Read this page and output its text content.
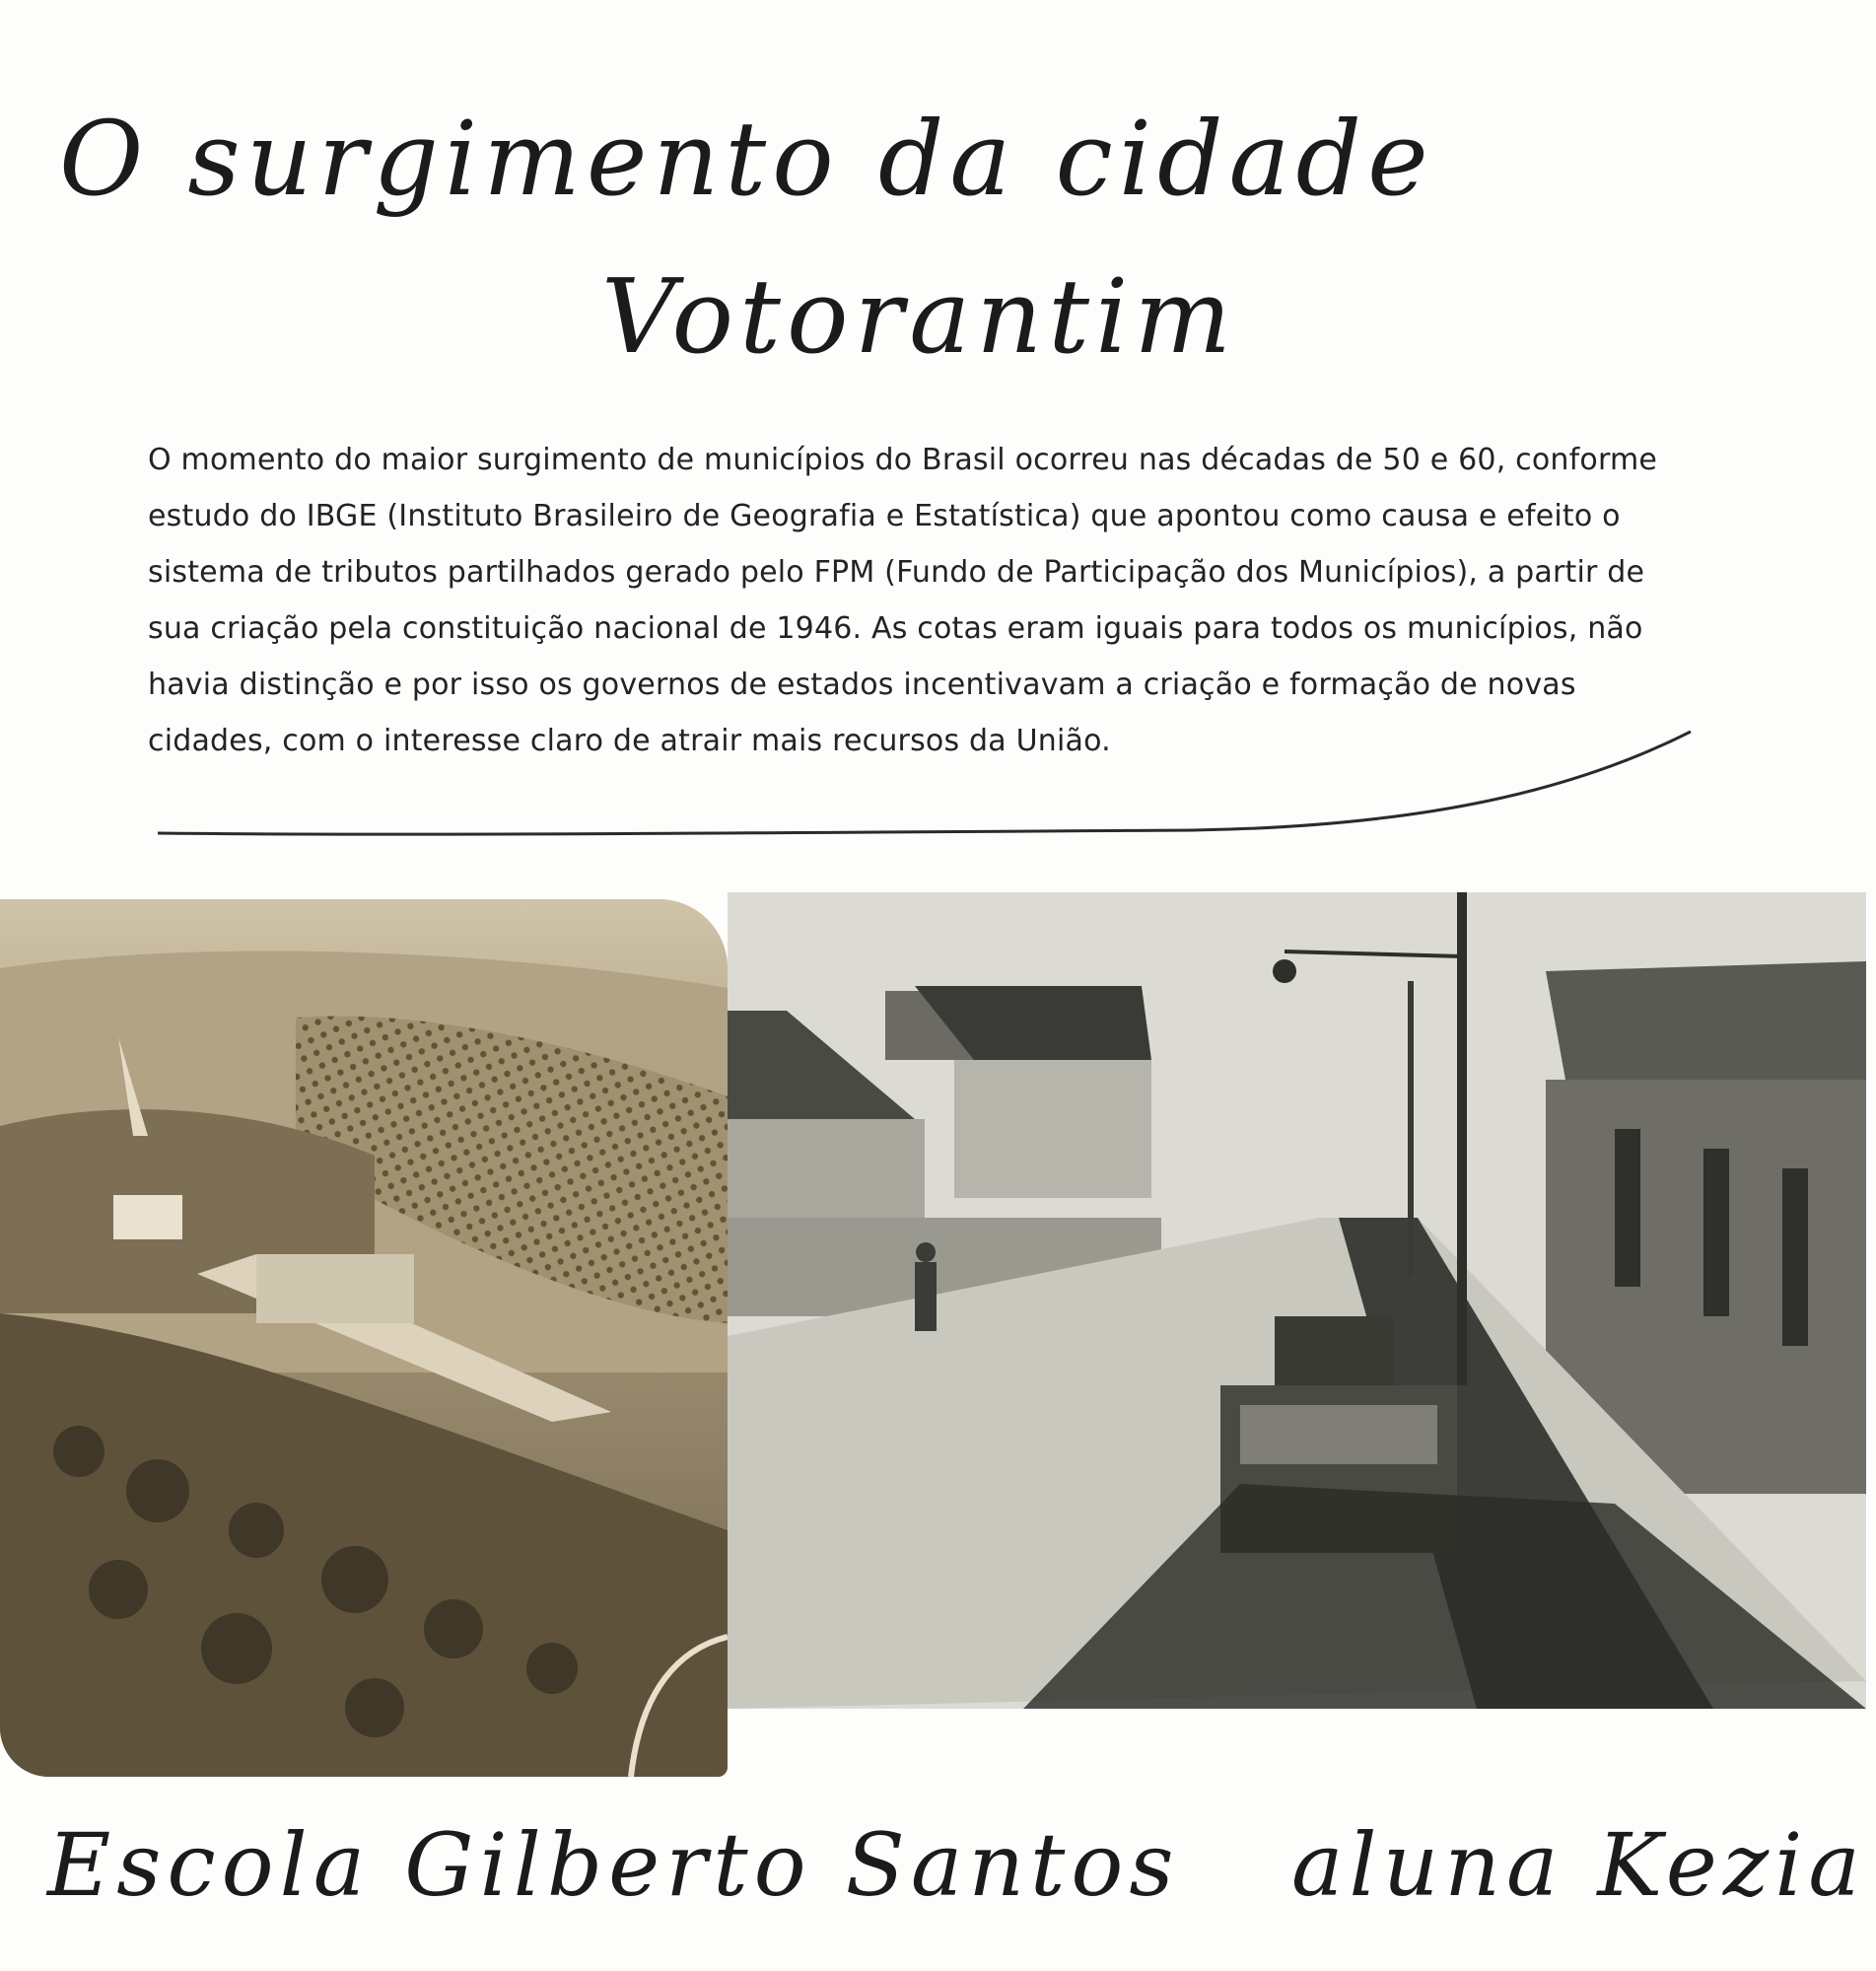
O surgimento da cidade
Votorantim

O momento do maior surgimento de municípios do Brasil ocorreu nas décadas de 50 e 60, conforme estudo do IBGE (Instituto Brasileiro de Geografia e Estatística) que apontou como causa e efeito o sistema de tributos partilhados gerado pelo FPM (Fundo de Participação dos Municípios), a partir de sua criação pela constituição nacional de 1946. As cotas eram iguais para todos os municípios, não havia distinção e por isso os governos de estados incentivavam a criação e formação de novas cidades, com o interesse claro de atrair mais recursos da União.

Escola Gilberto Santos aluna Kezia
